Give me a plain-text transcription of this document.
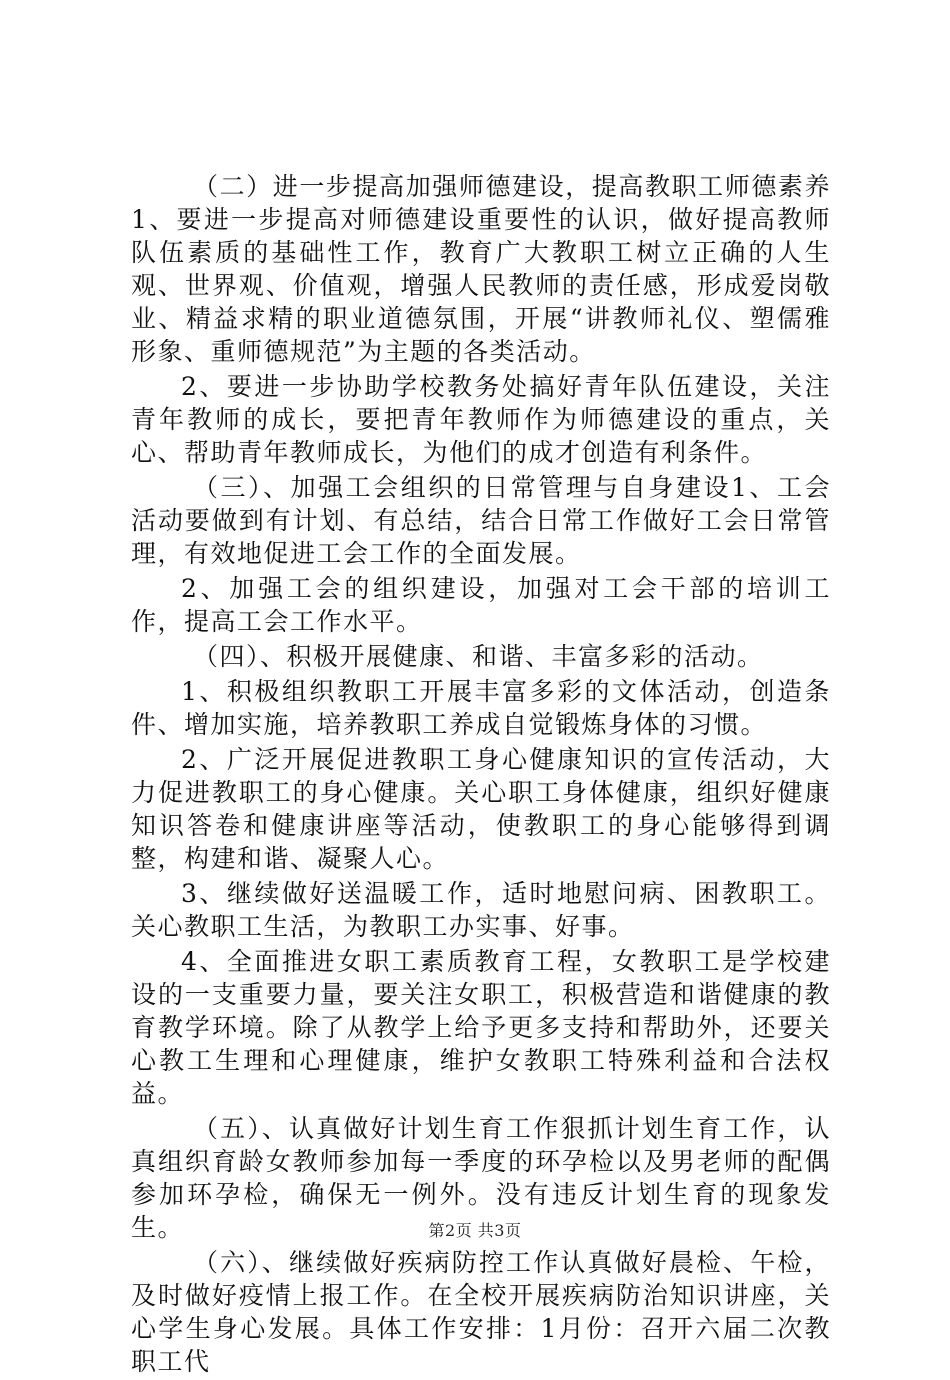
（二）进一步提高加强师德建设，提高教职工师德素养1、要进一步提高对师德建设重要性的认识，做好提高教师队伍素质的基础性工作，教育广大教职工树立正确的人生观、世界观、价值观，增强人民教师的责任感，形成爱岗敬业、精益求精的职业道德氛围，开展“讲教师礼仪、塑儒雅形象、重师德规范”为主题的各类活动。

2、要进一步协助学校教务处搞好青年队伍建设，关注青年教师的成长，要把青年教师作为师德建设的重点，关心、帮助青年教师成长，为他们的成才创造有利条件。

（三）、加强工会组织的日常管理与自身建设1、工会活动要做到有计划、有总结，结合日常工作做好工会日常管理，有效地促进工会工作的全面发展。

2、加强工会的组织建设，加强对工会干部的培训工作，提高工会工作水平。

（四）、积极开展健康、和谐、丰富多彩的活动。

1、积极组织教职工开展丰富多彩的文体活动，创造条件、增加实施，培养教职工养成自觉锻炼身体的习惯。

2、广泛开展促进教职工身心健康知识的宣传活动，大力促进教职工的身心健康。关心职工身体健康，组织好健康知识答卷和健康讲座等活动，使教职工的身心能够得到调整，构建和谐、凝聚人心。

3、继续做好送温暖工作，适时地慰问病、困教职工。关心教职工生活，为教职工办实事、好事。

4、全面推进女职工素质教育工程，女教职工是学校建设的一支重要力量，要关注女职工，积极营造和谐健康的教育教学环境。除了从教学上给予更多支持和帮助外，还要关心教工生理和心理健康，维护女教职工特殊利益和合法权益。

（五）、认真做好计划生育工作狠抓计划生育工作，认真组织育龄女教师参加每一季度的环孕检以及男老师的配偶参加环孕检，确保无一例外。没有违反计划生育的现象发生。

（六）、继续做好疾病防控工作认真做好晨检、午检，及时做好疫情上报工作。在全校开展疾病防治知识讲座，关心学生身心发展。具体工作安排：1月份：召开六届二次教职工代

第2页 共3页
